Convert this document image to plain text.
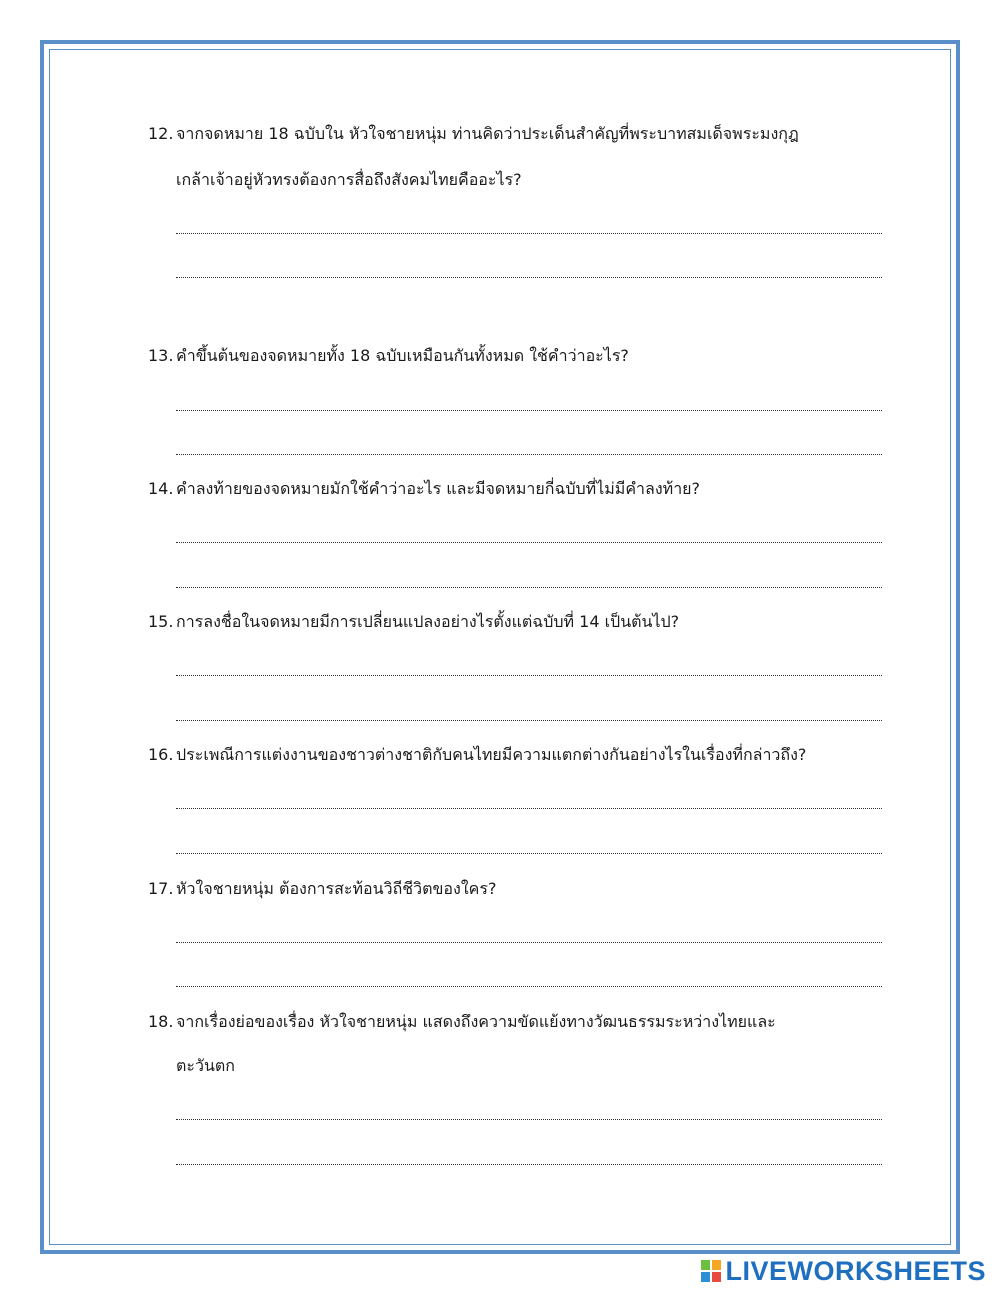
12. จากจดหมาย 18 ฉบับใน หัวใจชายหนุ่ม ท่านคิดว่าประเด็นสำคัญที่พระบาทสมเด็จพระมงกุฎ
เกล้าเจ้าอยู่หัวทรงต้องการสื่อถึงสังคมไทยคืออะไร?
13. คำขึ้นต้นของจดหมายทั้ง 18 ฉบับเหมือนกันทั้งหมด ใช้คำว่าอะไร?
14. คำลงท้ายของจดหมายมักใช้คำว่าอะไร และมีจดหมายกี่ฉบับที่ไม่มีคำลงท้าย?
15. การลงชื่อในจดหมายมีการเปลี่ยนแปลงอย่างไรตั้งแต่ฉบับที่ 14 เป็นต้นไป?
16. ประเพณีการแต่งงานของชาวต่างชาติกับคนไทยมีความแตกต่างกันอย่างไรในเรื่องที่กล่าวถึง?
17. หัวใจชายหนุ่ม ต้องการสะท้อนวิถีชีวิตของใคร?
18. จากเรื่องย่อของเรื่อง หัวใจชายหนุ่ม แสดงถึงความขัดแย้งทางวัฒนธรรมระหว่างไทยและ
ตะวันตก
LIVEWORKSHEETS
